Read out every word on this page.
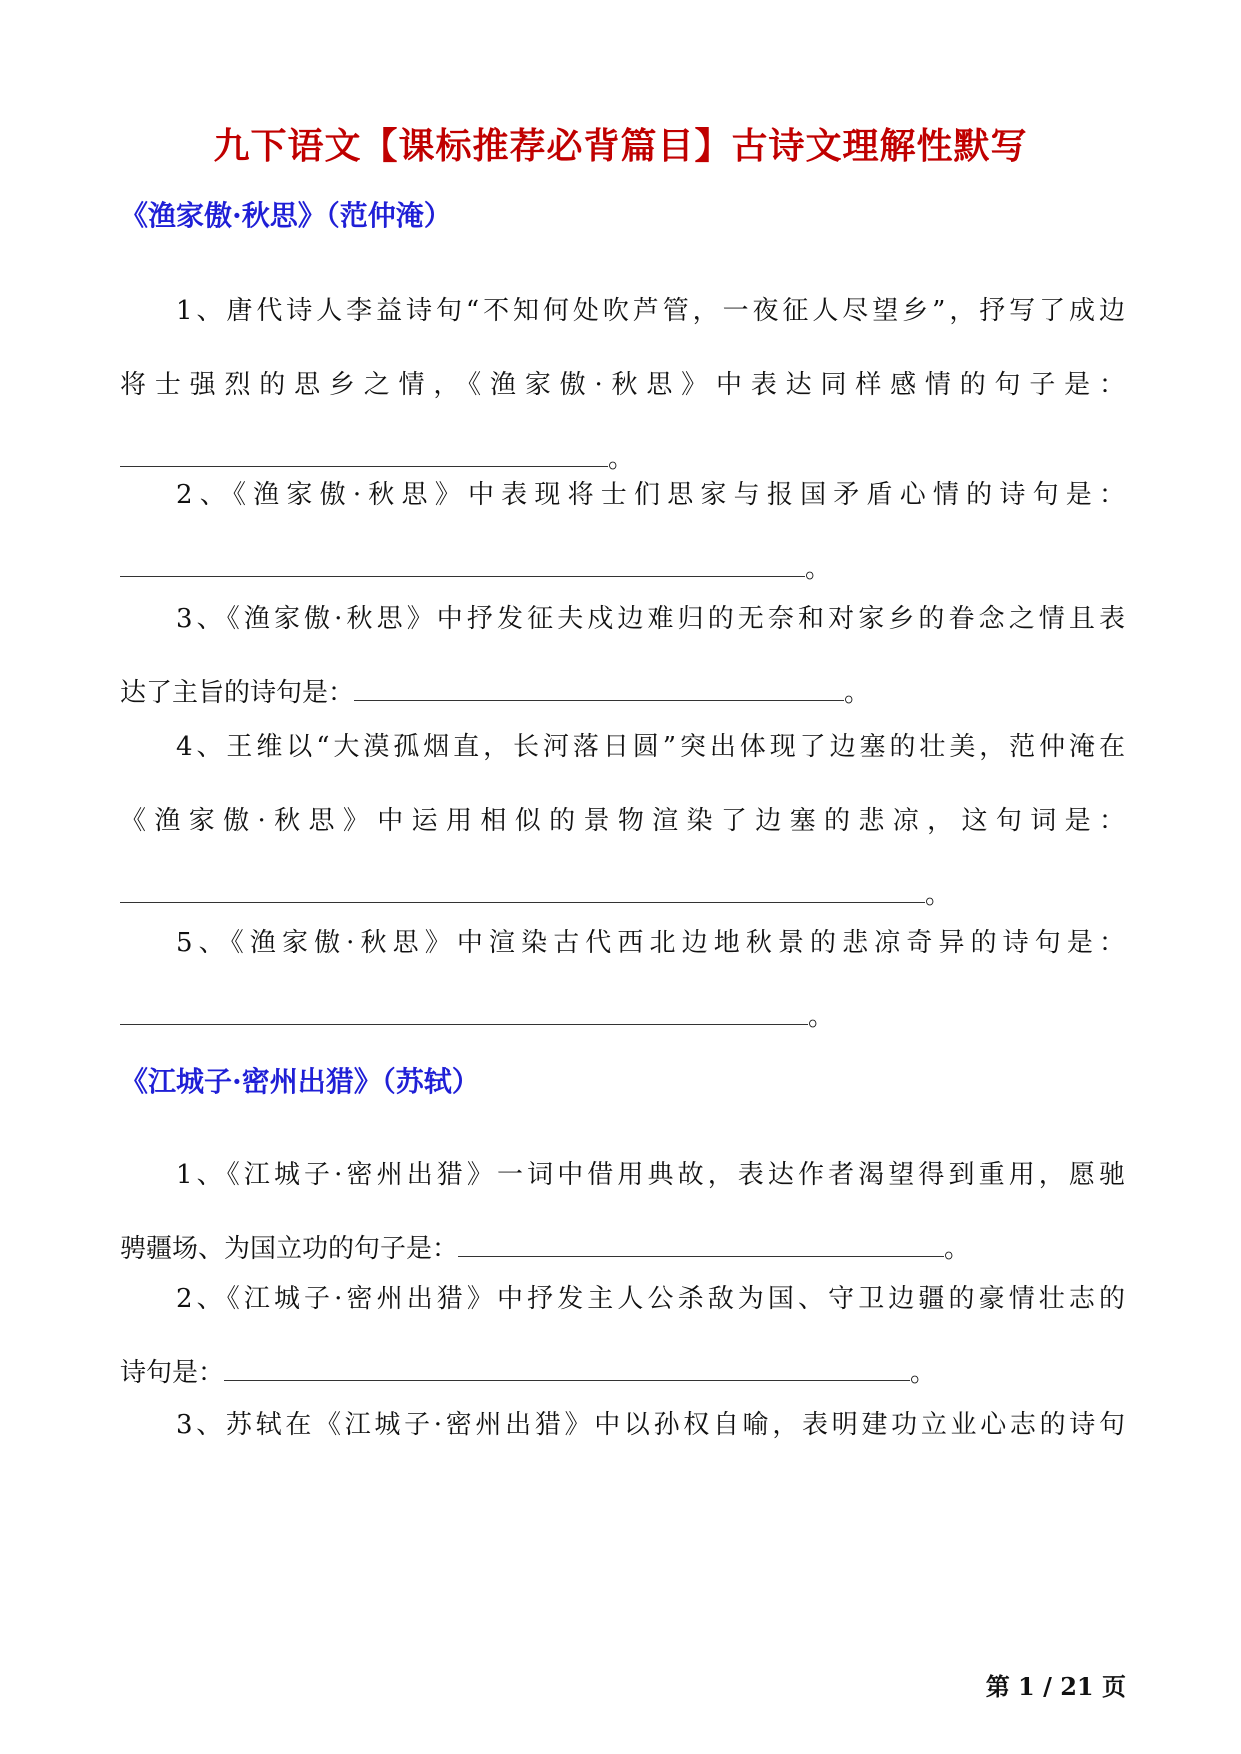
九下语文【课标推荐必背篇目】古诗文理解性默写
《渔家傲·秋思》（范仲淹）
1、唐代诗人李益诗句“不知何处吹芦管，一夜征人尽望乡”，抒写了成边
将士强烈的思乡之情，《渔家傲·秋思》中表达同样感情的句子是：
。
2、《渔家傲·秋思》中表现将士们思家与报国矛盾心情的诗句是：
。
3、《渔家傲·秋思》中抒发征夫戍边难归的无奈和对家乡的眷念之情且表
达了主旨的诗句是：	。
4、王维以“大漠孤烟直，长河落日圆”突出体现了边塞的壮美，范仲淹在
《渔家傲·秋思》中运用相似的景物渲染了边塞的悲凉，这句词是：
。
5、《渔家傲·秋思》中渲染古代西北边地秋景的悲凉奇异的诗句是：
。
《江城子·密州出猎》（苏轼）
1、《江城子·密州出猎》一词中借用典故，表达作者渴望得到重用，愿驰
骋疆场、为国立功的句子是：	。
2、《江城子·密州出猎》中抒发主人公杀敌为国、守卫边疆的豪情壮志的
诗句是：	。
3、苏轼在《江城子·密州出猎》中以孙权自喻，表明建功立业心志的诗句
第 1 / 21 页
